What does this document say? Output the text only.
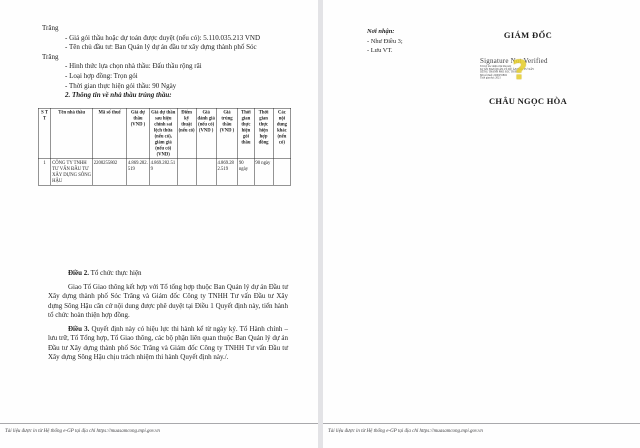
Trăng

- Giá gói thầu hoặc dự toán được duyệt (nếu có): 5.110.035.213 VND

- Tên chủ đầu tư: Ban Quản lý dự án đầu tư xây dựng thành phố Sóc

Trăng

- Hình thức lựa chọn nhà thầu: Đấu thầu rộng rãi

- Loại hợp đồng: Trọn gói

- Thời gian thực hiện gói thầu: 90 Ngày

2. Thông tin về nhà thầu trúng thầu:

S T T	Tên nhà thầu	Mã số thuế	Giá dự thầu (VND )	Giá dự thầu sau hiệu chỉnh sai lệch thừa (nếu có), giảm giá (nếu có) (VND)	Điểm kỹ thuật (nếu có)	Giá đánh giá (nếu có) (VND )	Giá trúng thầu (VND )	Thời gian thực hiện gói thầu	Thời gian thực hiện hợp đồng	Các nội dung khác (nếu có)
1	CÔNG TY TNHH TƯ VẤN ĐẦU TƯ XÂY DỰNG SÔNG HẬU	2200255802	4.869.282.519	4.869.282.519			4.869.282.519	90 ngày	90 ngày	

Điều 2. Tổ chức thực hiện

Giao Tổ Giao thông kết hợp với Tổ tổng hợp thuộc Ban Quản lý dự án Đầu tư Xây dựng thành phố Sóc Trăng và Giám đốc Công ty TNHH Tư vấn Đầu tư Xây dựng Sông Hậu căn cứ nội dung được phê duyệt tại Điều 1 Quyết định này, tiến hành tổ chức hoàn thiện hợp đồng.

Điều 3. Quyết định này có hiệu lực thi hành kể từ ngày ký. Tổ Hành chính – lưu trữ, Tổ Tổng hợp, Tổ Giao thông, các bộ phận liên quan thuộc Ban Quản lý dự án Đầu tư Xây dựng thành phố Sóc Trăng và Giám đốc Công ty TNHH Tư vấn Đầu tư Xây dựng Sông Hậu chịu trách nhiệm thi hành Quyết định này./.

Tài liệu được in từ Hệ thống e-GP tại địa chỉ https://muasamcong.mpi.gov.vn

Nơi nhận:

- Như Điều 3;

- Lưu VT.

GIÁM ĐỐC
Signature Not Verified

Tôi ký xác nhận văn bản này

Ký bởi: BAN QUẢN LÝ DỰ ÁN ĐẦU TƯ XÂY

DỰNG THÀNH PHỐ SÓC TRĂNG

Mã số thuế: 2200255802

Thời gian ký: 2021 ?
CHÂU NGỌC HÒA
Tài liệu được in từ Hệ thống e-GP tại địa chỉ https://muasamcong.mpi.gov.vn
